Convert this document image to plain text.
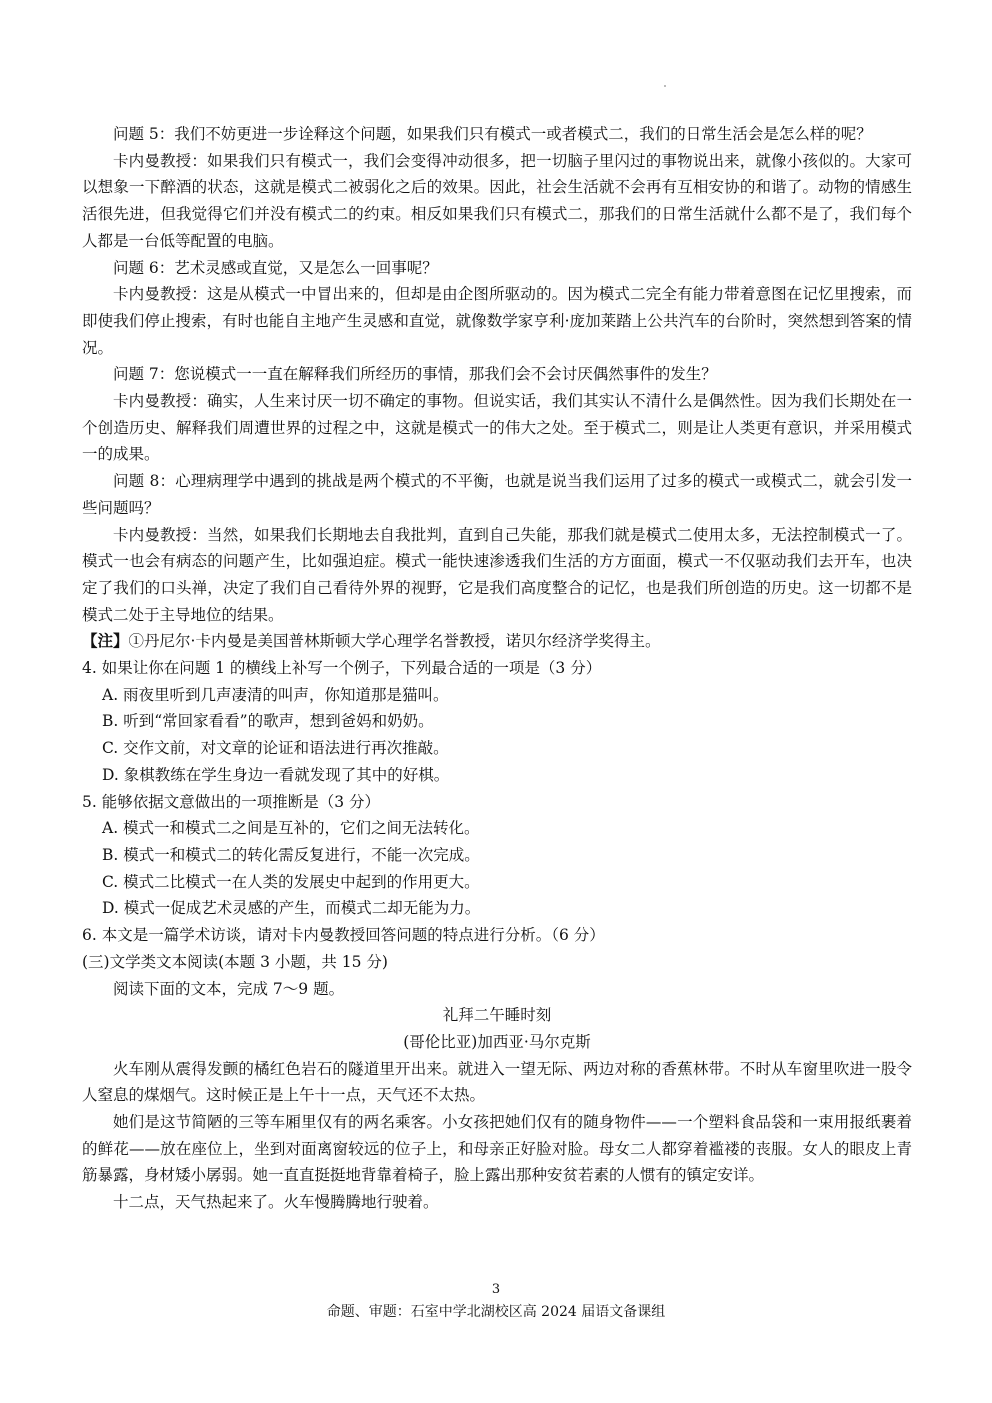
问题 5：我们不妨更进一步诠释这个问题，如果我们只有模式一或者模式二，我们的日常生活会是怎么样的呢？

卡内曼教授：如果我们只有模式一，我们会变得冲动很多，把一切脑子里闪过的事物说出来，就像小孩似的。大家可以想象一下醉酒的状态，这就是模式二被弱化之后的效果。因此，社会生活就不会再有互相安协的和谐了。动物的情感生活很先进，但我觉得它们并没有模式二的约束。相反如果我们只有模式二，那我们的日常生活就什么都不是了，我们每个人都是一台低等配置的电脑。

问题 6：艺术灵感或直觉，又是怎么一回事呢？

卡内曼教授：这是从模式一中冒出来的，但却是由企图所驱动的。因为模式二完全有能力带着意图在记忆里搜索，而即使我们停止搜索，有时也能自主地产生灵感和直觉，就像数学家亨利·庞加莱踏上公共汽车的台阶时，突然想到答案的情况。

问题 7：您说模式一一直在解释我们所经历的事情，那我们会不会讨厌偶然事件的发生？

卡内曼教授：确实，人生来讨厌一切不确定的事物。但说实话，我们其实认不清什么是偶然性。因为我们长期处在一个创造历史、解释我们周遭世界的过程之中，这就是模式一的伟大之处。至于模式二，则是让人类更有意识，并采用模式一的成果。

问题 8：心理病理学中遇到的挑战是两个模式的不平衡，也就是说当我们运用了过多的模式一或模式二，就会引发一些问题吗？

卡内曼教授：当然，如果我们长期地去自我批判，直到自己失能，那我们就是模式二使用太多，无法控制模式一了。模式一也会有病态的问题产生，比如强迫症。模式一能快速渗透我们生活的方方面面，模式一不仅驱动我们去开车，也决定了我们的口头禅，决定了我们自己看待外界的视野，它是我们高度整合的记忆，也是我们所创造的历史。这一切都不是模式二处于主导地位的结果。

【注】①丹尼尔·卡内曼是美国普林斯顿大学心理学名誉教授，诺贝尔经济学奖得主。

4. 如果让你在问题 1 的横线上补写一个例子，下列最合适的一项是（3 分）

A. 雨夜里听到几声凄清的叫声，你知道那是猫叫。

B. 听到“常回家看看”的歌声，想到爸妈和奶奶。

C. 交作文前，对文章的论证和语法进行再次推敲。

D. 象棋教练在学生身边一看就发现了其中的好棋。

5. 能够依据文意做出的一项推断是（3 分）

A. 模式一和模式二之间是互补的，它们之间无法转化。

B. 模式一和模式二的转化需反复进行，不能一次完成。

C. 模式二比模式一在人类的发展史中起到的作用更大。

D. 模式一促成艺术灵感的产生，而模式二却无能为力。

6. 本文是一篇学术访谈，请对卡内曼教授回答问题的特点进行分析。（6 分）

(三)文学类文本阅读(本题 3 小题，共 15 分)

阅读下面的文本，完成 7～9 题。

礼拜二午睡时刻

(哥伦比亚)加西亚·马尔克斯

火车刚从震得发颤的橘红色岩石的隧道里开出来。就进入一望无际、两边对称的香蕉林带。不时从车窗里吹进一股令人窒息的煤烟气。这时候正是上午十一点，天气还不太热。

她们是这节简陋的三等车厢里仅有的两名乘客。小女孩把她们仅有的随身物件——一个塑料食品袋和一束用报纸裹着的鲜花——放在座位上，坐到对面离窗较远的位子上，和母亲正好脸对脸。母女二人都穿着褴褛的丧服。女人的眼皮上青筋暴露，身材矮小孱弱。她一直直挺挺地背靠着椅子，脸上露出那种安贫若素的人惯有的镇定安详。

十二点，天气热起来了。火车慢腾腾地行驶着。

3
命题、审题：石室中学北湖校区高 2024 届语文备课组
